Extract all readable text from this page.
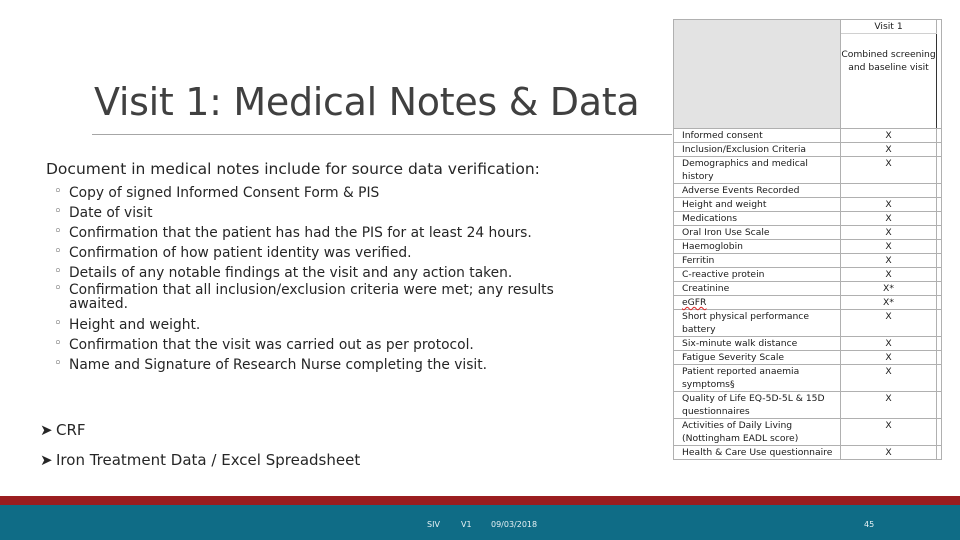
Visit 1: Medical Notes & Data
Document in medical notes include for source data verification:
◦ Copy of signed Informed Consent Form & PIS
◦ Date of visit
◦ Confirmation that the patient has had the PIS for at least 24 hours.
◦ Confirmation of how patient identity was verified.
◦ Details of any notable findings at the visit and any action taken.
◦ Confirmation that all inclusion/exclusion criteria were met; any results awaited.
◦ Height and weight.
◦ Confirmation that the visit was carried out as per protocol.
◦ Name and Signature of Research Nurse completing the visit.
➤ CRF
➤ Iron Treatment Data / Excel Spreadsheet
	Visit 1	
	Combined screening and baseline visit	
Informed consent	X	
Inclusion/Exclusion Criteria	X	
Demographics and medical history	X	
Adverse Events Recorded		
Height and weight	X	
Medications	X	
Oral Iron Use Scale	X	
Haemoglobin	X	
Ferritin	X	
C-reactive protein	X	
Creatinine	X*	
eGFR	X*	
Short physical performance battery	X	
Six-minute walk distance	X	
Fatigue Severity Scale	X	
Patient reported anaemia symptoms§	X	
Quality of Life EQ-5D-5L & 15D questionnaires	X	
Activities of Daily Living (Nottingham EADL score)	X	
Health & Care Use questionnaire	X	
SIV	V1 09/03/2018	45
